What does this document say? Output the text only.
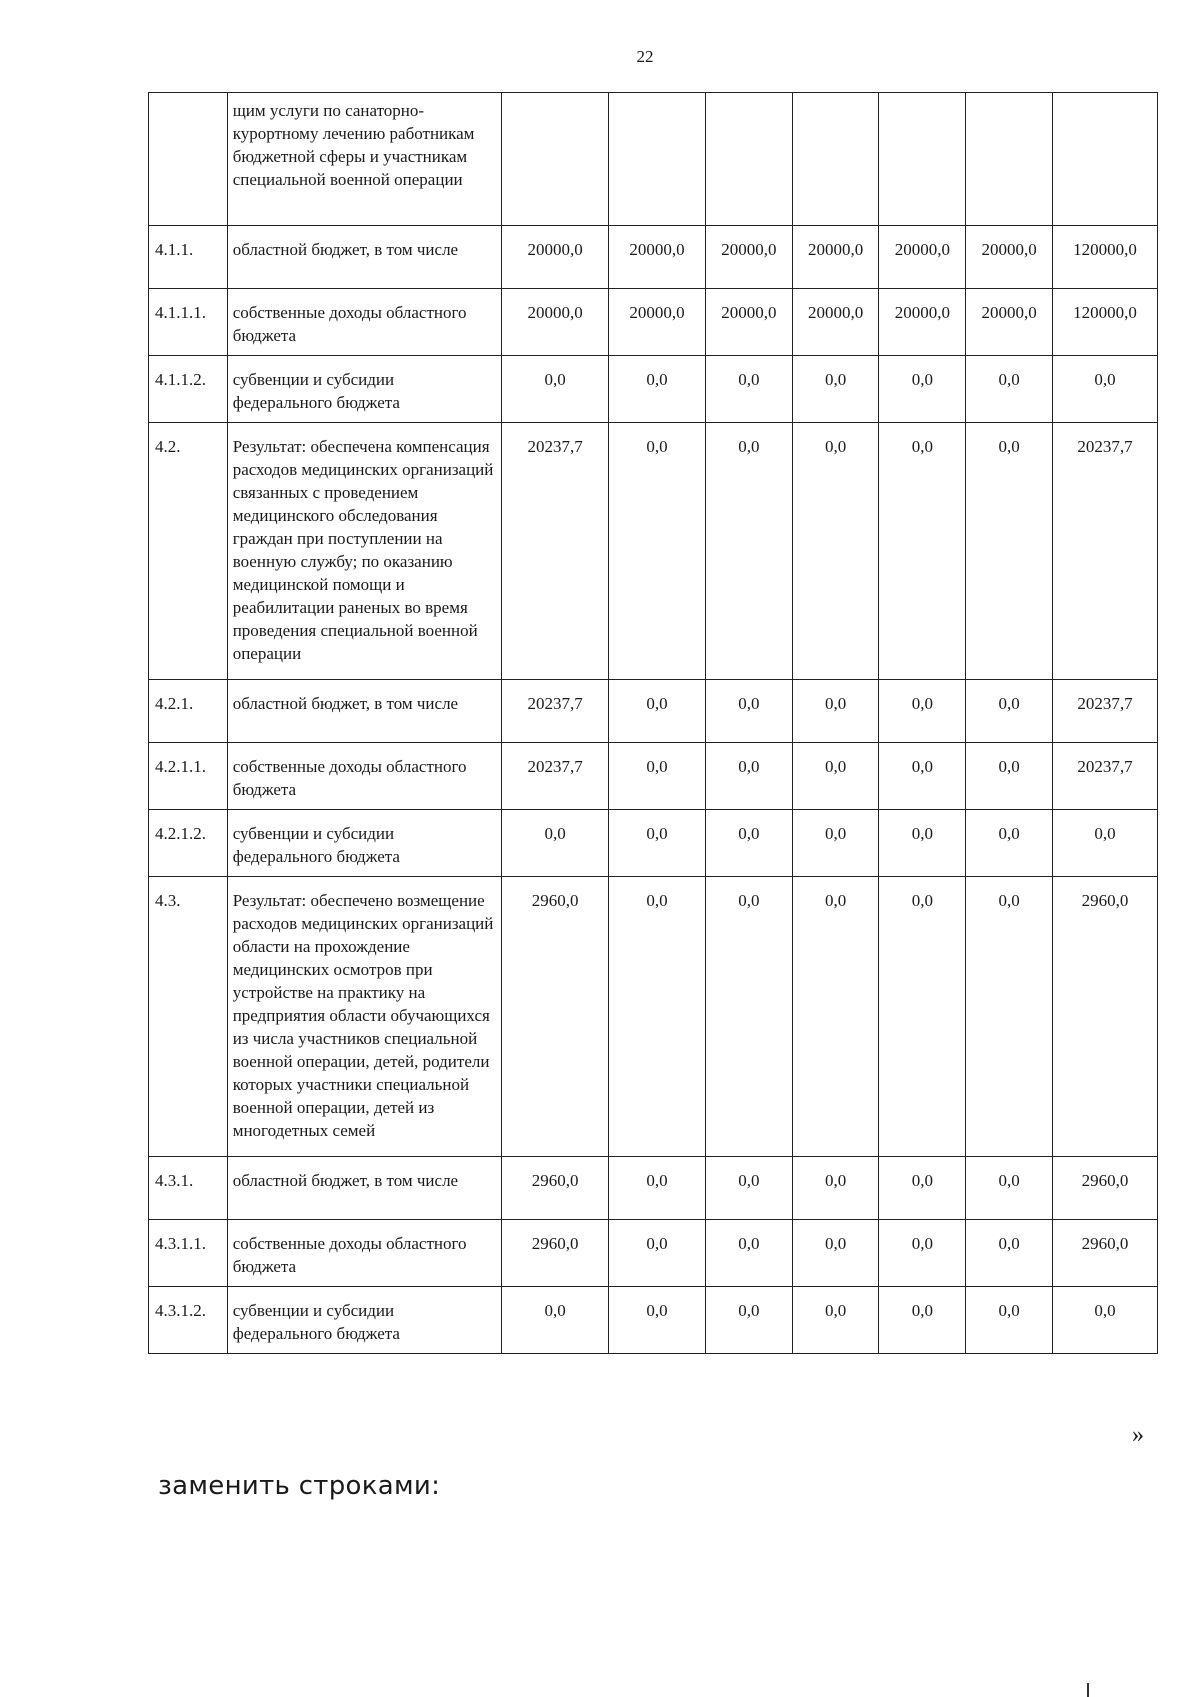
22
	щим услуги по санаторно-курортному лечению работникам бюджетной сферы и участникам специальной военной операции							
4.1.1.	областной бюджет, в том числе	20000,0	20000,0	20000,0	20000,0	20000,0	20000,0	120000,0
4.1.1.1.	собственные доходы областного бюджета	20000,0	20000,0	20000,0	20000,0	20000,0	20000,0	120000,0
4.1.1.2.	субвенции и субсидии федерального бюджета	0,0	0,0	0,0	0,0	0,0	0,0	0,0
4.2.	Результат: обеспечена компенсация расходов медицинских организаций связанных с проведением медицинского обследования граждан при поступлении на военную службу; по оказанию медицинской помощи и реабилитации раненых во время проведения специальной военной операции	20237,7	0,0	0,0	0,0	0,0	0,0	20237,7
4.2.1.	областной бюджет, в том числе	20237,7	0,0	0,0	0,0	0,0	0,0	20237,7
4.2.1.1.	собственные доходы областного бюджета	20237,7	0,0	0,0	0,0	0,0	0,0	20237,7
4.2.1.2.	субвенции и субсидии федерального бюджета	0,0	0,0	0,0	0,0	0,0	0,0	0,0
4.3.	Результат: обеспечено возмещение расходов медицинских организаций области на прохождение медицинских осмотров при устройстве на практику на предприятия области обучающихся из числа участников специальной военной операции, детей, родители которых участники специальной военной операции, детей из многодетных семей	2960,0	0,0	0,0	0,0	0,0	0,0	2960,0
4.3.1.	областной бюджет, в том числе	2960,0	0,0	0,0	0,0	0,0	0,0	2960,0
4.3.1.1.	собственные доходы областного бюджета	2960,0	0,0	0,0	0,0	0,0	0,0	2960,0
4.3.1.2.	субвенции и субсидии федерального бюджета	0,0	0,0	0,0	0,0	0,0	0,0	0,0
»
заменить строками:
